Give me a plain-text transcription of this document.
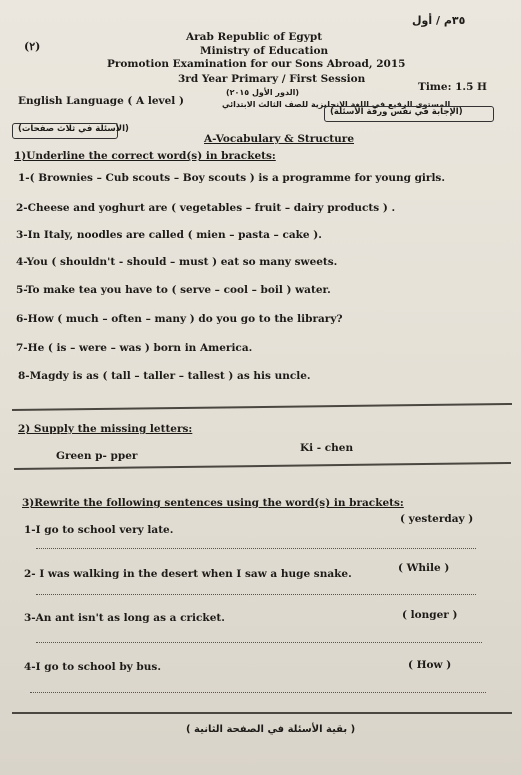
٣٥م / أول
(٢)
Arab Republic of Egypt
Ministry of Education
Promotion Examination for our Sons Abroad, 2015
3rd Year Primary / First Session
English Language ( A level )
(الدور الأول ٢٠١٥)
المستوى الرفيع في اللغة الإنجليزية للصف الثالث الابتدائي
Time: 1.5 H
(الأسئلة في ثلاث صفحات)
(الإجابة في نفس ورقة الأسئلة)
A-Vocabulary & Structure
1)Underline the correct word(s) in brackets:
1-( Brownies – Cub scouts – Boy scouts ) is a programme for young girls.
2-Cheese and yoghurt are ( vegetables – fruit – dairy products ) .
3-In Italy, noodles are called ( mien – pasta – cake ).
4-You ( shouldn't - should – must ) eat so many sweets.
5-To make tea you have to ( serve – cool – boil ) water.
6-How ( much – often – many ) do you go to the library?
7-He ( is – were – was ) born in America.
8-Magdy is as ( tall – taller – tallest ) as his uncle.
2) Supply the missing letters:
Green p- pper
Ki - chen
3)Rewrite the following sentences using the word(s) in brackets:
1-I go to school very late.
( yesterday )
2- I was walking in the desert when I saw a huge snake.	( While )
3-An ant isn't as long as a cricket.	( longer )
4-I go to school by bus.	( How )
( بقية الأسئلة في الصفحة الثانية )
